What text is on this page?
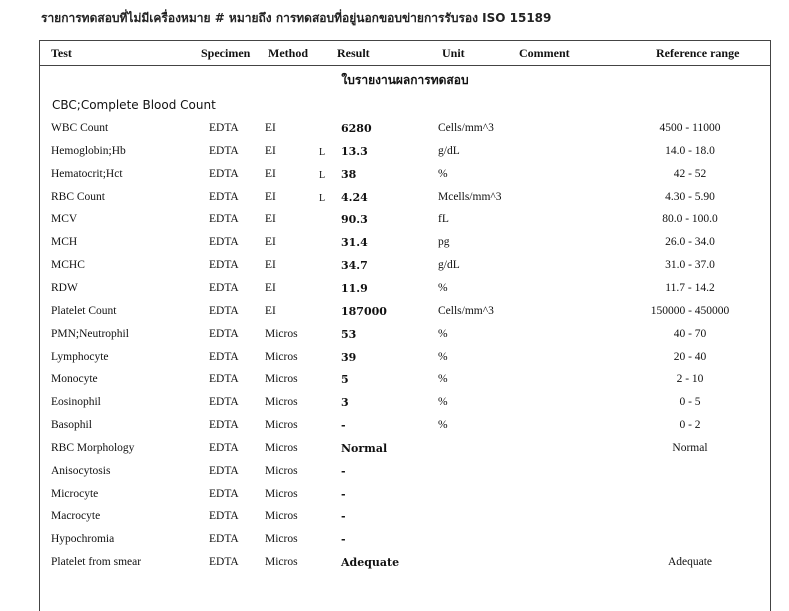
รายการทดสอบที่ไม่มีเครื่องหมาย # หมายถึง การทดสอบที่อยู่นอกขอบข่ายการรับรอง ISO 15189
Test	Specimen Method Result	Unit	Comment	Reference range
ใบรายงานผลการทดสอบ
CBC;Complete Blood Count
WBC Count	EDTA EI	6280	Cells/mm^3	4500 - 11000
Hemoglobin;Hb	EDTA EI	L 13.3	g/dL	14.0 - 18.0
Hematocrit;Hct	EDTA EI	L 38	%	42 - 52
RBC Count	EDTA EI	L 4.24	Mcells/mm^3	4.30 - 5.90
MCV	EDTA EI	90.3	fL	80.0 - 100.0
MCH	EDTA EI	31.4	pg	26.0 - 34.0
MCHC	EDTA EI	34.7	g/dL	31.0 - 37.0
RDW	EDTA EI	11.9	%	11.7 - 14.2
Platelet Count	EDTA EI	187000	Cells/mm^3	150000 - 450000
PMN;Neutrophil	EDTA Micros	53	%	40 - 70
Lymphocyte	EDTA Micros	39	%	20 - 40
Monocyte	EDTA Micros	5	%	2 - 10
Eosinophil	EDTA Micros	3	%	0 - 5
Basophil	EDTA Micros	-	%	0 - 2
RBC Morphology	EDTA Micros	Normal	Normal
Anisocytosis	EDTA Micros	-
Microcyte	EDTA Micros	-
Macrocyte	EDTA Micros	-
Hypochromia	EDTA Micros	-
Platelet from smear	EDTA Micros	Adequate	Adequate
